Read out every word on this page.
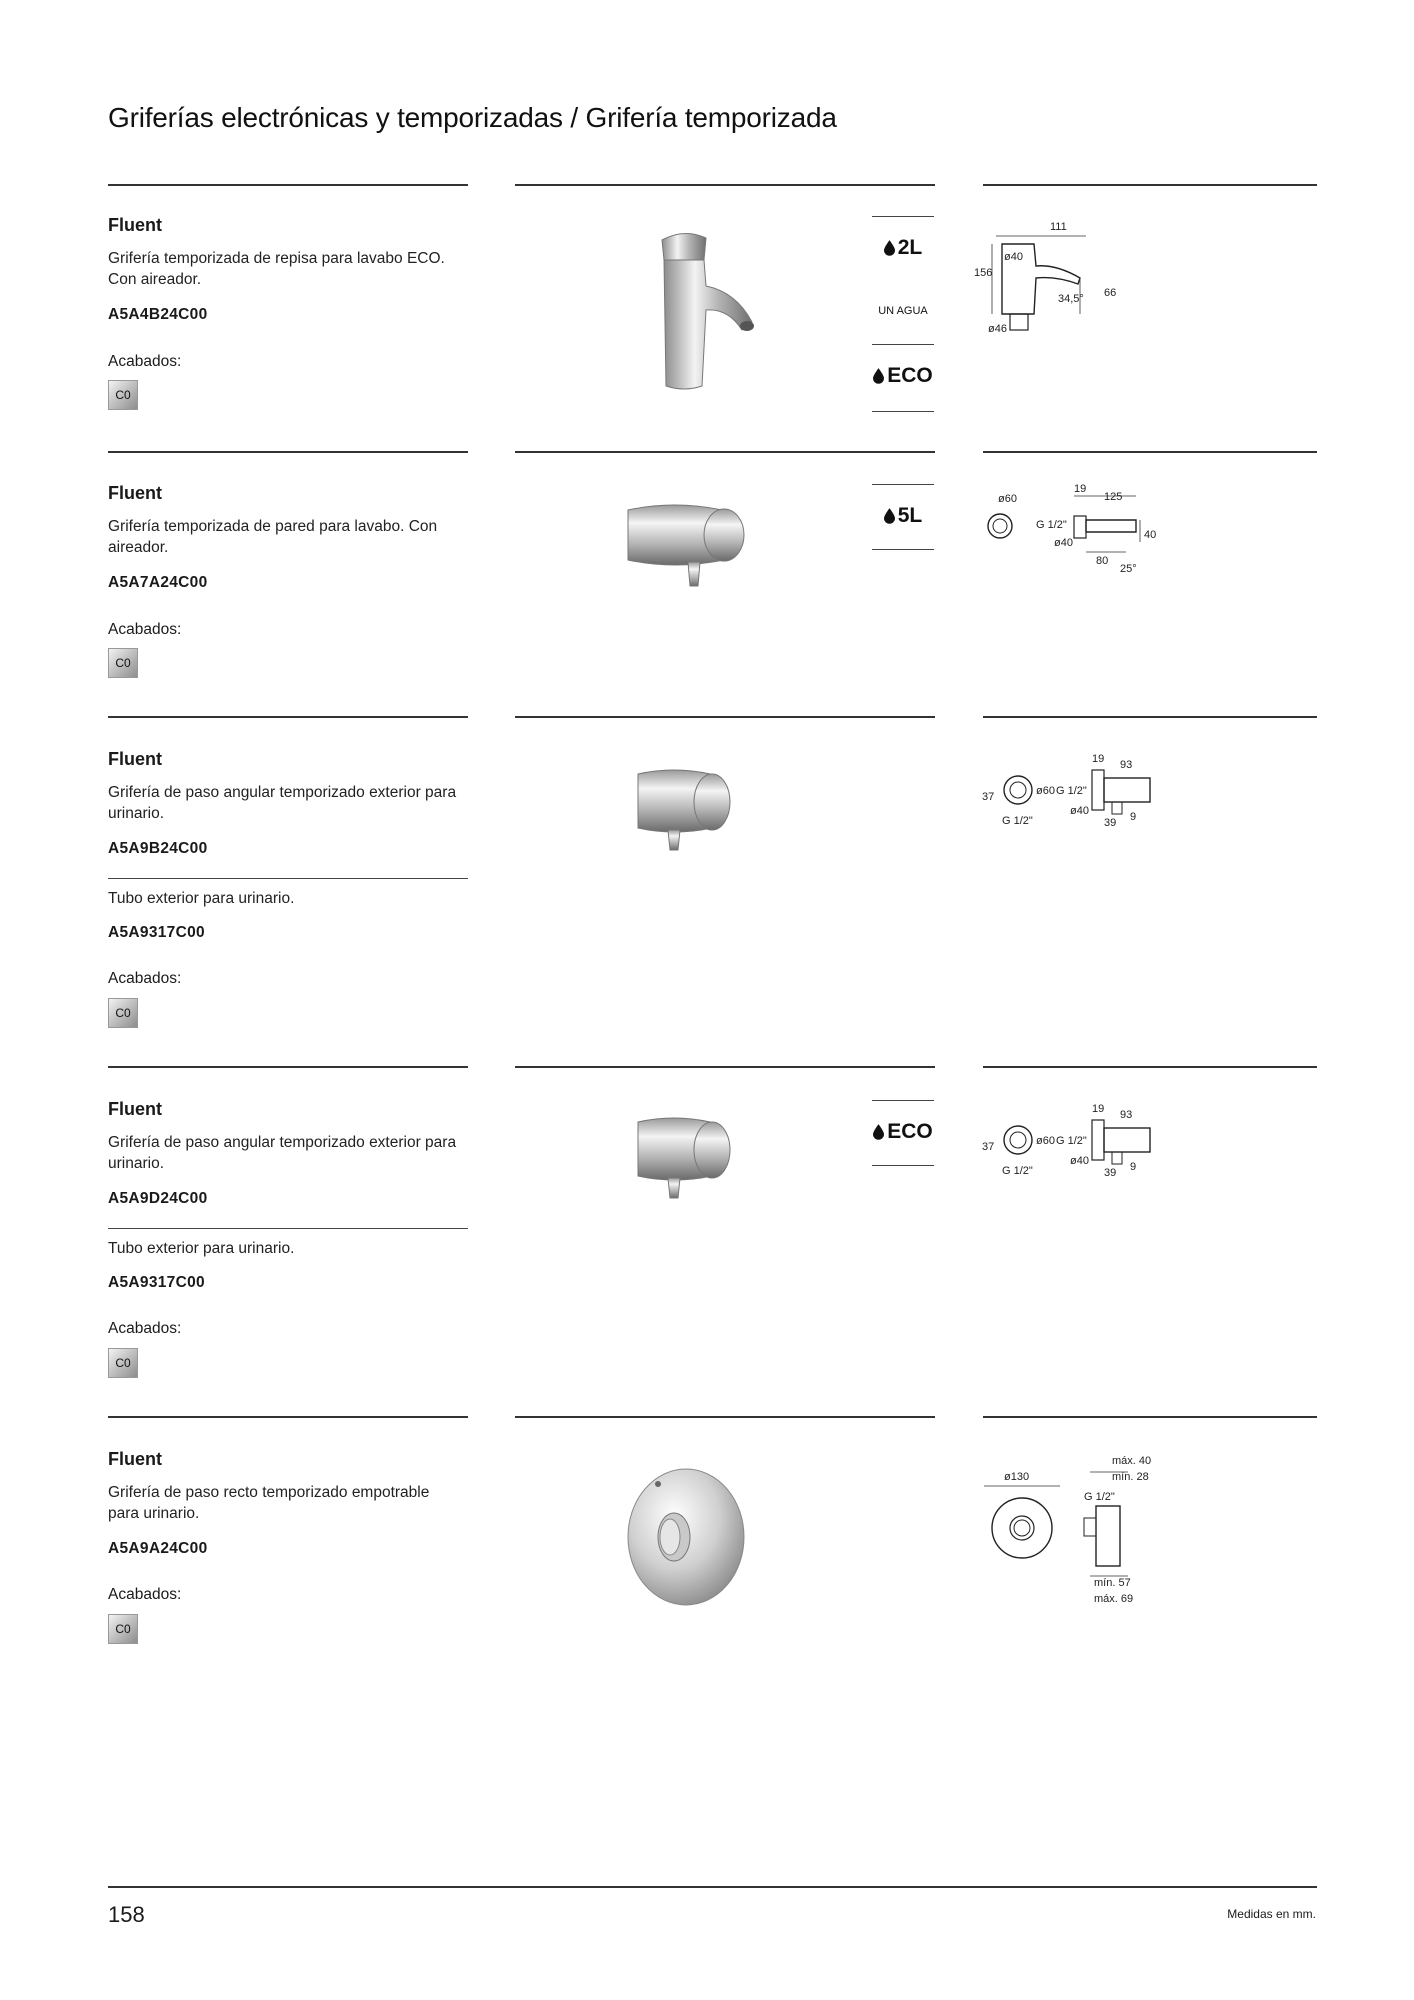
Griferías electrónicas y temporizadas / Grifería temporizada

Fluent

Grifería temporizada de repisa para lavabo ECO. Con aireador.

A5A4B24C00

Acabados:

C0
2L
UN AGUA
ECO
111
ø40
156
34,5° 66
ø46

Fluent

Grifería temporizada de pared para lavabo. Con aireador.

A5A7A24C00

Acabados:

C0
5L
ø60
19
125
G 1/2"
40
ø40
80
25°

Fluent

Grifería de paso angular temporizado exterior para urinario.

A5A9B24C00

Tubo exterior para urinario.

A5A9317C00

Acabados:

C0
37	ø60
G 1/2"
19 93
G 1/2"
ø40
39 9

Fluent

Grifería de paso angular temporizado exterior para urinario.

A5A9D24C00

Tubo exterior para urinario.

A5A9317C00

Acabados:

C0
ECO
37	ø60
G 1/2"
19 93
G 1/2"
ø40
39 9

Fluent

Grifería de paso recto temporizado empotrable para urinario.

A5A9A24C00

Acabados:

C0
ø130
máx. 40
mín. 28
G 1/2"
mín. 57
máx. 69

158	Medidas en mm.
